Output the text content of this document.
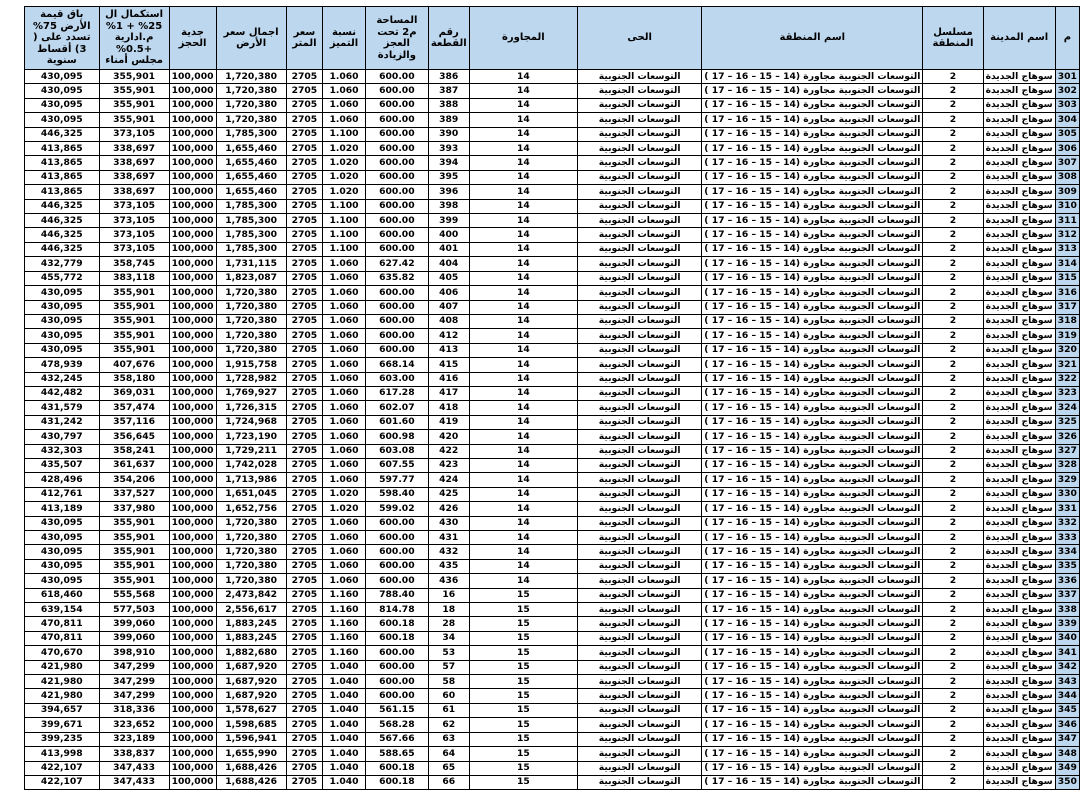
باق قيمة الأرض 75% تسدد على ( 3) أقساط سنوية	استكمال ال 25% + 1% م.ادارية +0.5% مجلس أمناء	جدية الحجز	اجمال سعر الأرض	سعر المتر	نسبة التميز	المساحة م2 تحت العجز والزيادة	رقم القطعة	المجاورة	الحى	اسم المنطقة	مسلسل المنطقة	اسم المدينة	م
430,095	355,901	100,000	1,720,380	2705	1.060	600.00	386	14	التوسعات الجنوبية	التوسعات الجنوبية مجاورة (14 – 15 – 16 – 17 )	2	سوهاج الجديدة	301
430,095	355,901	100,000	1,720,380	2705	1.060	600.00	387	14	التوسعات الجنوبية	التوسعات الجنوبية مجاورة (14 – 15 – 16 – 17 )	2	سوهاج الجديدة	302
430,095	355,901	100,000	1,720,380	2705	1.060	600.00	388	14	التوسعات الجنوبية	التوسعات الجنوبية مجاورة (14 – 15 – 16 – 17 )	2	سوهاج الجديدة	303
430,095	355,901	100,000	1,720,380	2705	1.060	600.00	389	14	التوسعات الجنوبية	التوسعات الجنوبية مجاورة (14 – 15 – 16 – 17 )	2	سوهاج الجديدة	304
446,325	373,105	100,000	1,785,300	2705	1.100	600.00	390	14	التوسعات الجنوبية	التوسعات الجنوبية مجاورة (14 – 15 – 16 – 17 )	2	سوهاج الجديدة	305
413,865	338,697	100,000	1,655,460	2705	1.020	600.00	393	14	التوسعات الجنوبية	التوسعات الجنوبية مجاورة (14 – 15 – 16 – 17 )	2	سوهاج الجديدة	306
413,865	338,697	100,000	1,655,460	2705	1.020	600.00	394	14	التوسعات الجنوبية	التوسعات الجنوبية مجاورة (14 – 15 – 16 – 17 )	2	سوهاج الجديدة	307
413,865	338,697	100,000	1,655,460	2705	1.020	600.00	395	14	التوسعات الجنوبية	التوسعات الجنوبية مجاورة (14 – 15 – 16 – 17 )	2	سوهاج الجديدة	308
413,865	338,697	100,000	1,655,460	2705	1.020	600.00	396	14	التوسعات الجنوبية	التوسعات الجنوبية مجاورة (14 – 15 – 16 – 17 )	2	سوهاج الجديدة	309
446,325	373,105	100,000	1,785,300	2705	1.100	600.00	398	14	التوسعات الجنوبية	التوسعات الجنوبية مجاورة (14 – 15 – 16 – 17 )	2	سوهاج الجديدة	310
446,325	373,105	100,000	1,785,300	2705	1.100	600.00	399	14	التوسعات الجنوبية	التوسعات الجنوبية مجاورة (14 – 15 – 16 – 17 )	2	سوهاج الجديدة	311
446,325	373,105	100,000	1,785,300	2705	1.100	600.00	400	14	التوسعات الجنوبية	التوسعات الجنوبية مجاورة (14 – 15 – 16 – 17 )	2	سوهاج الجديدة	312
446,325	373,105	100,000	1,785,300	2705	1.100	600.00	401	14	التوسعات الجنوبية	التوسعات الجنوبية مجاورة (14 – 15 – 16 – 17 )	2	سوهاج الجديدة	313
432,779	358,745	100,000	1,731,115	2705	1.060	627.42	404	14	التوسعات الجنوبية	التوسعات الجنوبية مجاورة (14 – 15 – 16 – 17 )	2	سوهاج الجديدة	314
455,772	383,118	100,000	1,823,087	2705	1.060	635.82	405	14	التوسعات الجنوبية	التوسعات الجنوبية مجاورة (14 – 15 – 16 – 17 )	2	سوهاج الجديدة	315
430,095	355,901	100,000	1,720,380	2705	1.060	600.00	406	14	التوسعات الجنوبية	التوسعات الجنوبية مجاورة (14 – 15 – 16 – 17 )	2	سوهاج الجديدة	316
430,095	355,901	100,000	1,720,380	2705	1.060	600.00	407	14	التوسعات الجنوبية	التوسعات الجنوبية مجاورة (14 – 15 – 16 – 17 )	2	سوهاج الجديدة	317
430,095	355,901	100,000	1,720,380	2705	1.060	600.00	408	14	التوسعات الجنوبية	التوسعات الجنوبية مجاورة (14 – 15 – 16 – 17 )	2	سوهاج الجديدة	318
430,095	355,901	100,000	1,720,380	2705	1.060	600.00	412	14	التوسعات الجنوبية	التوسعات الجنوبية مجاورة (14 – 15 – 16 – 17 )	2	سوهاج الجديدة	319
430,095	355,901	100,000	1,720,380	2705	1.060	600.00	413	14	التوسعات الجنوبية	التوسعات الجنوبية مجاورة (14 – 15 – 16 – 17 )	2	سوهاج الجديدة	320
478,939	407,676	100,000	1,915,758	2705	1.060	668.14	415	14	التوسعات الجنوبية	التوسعات الجنوبية مجاورة (14 – 15 – 16 – 17 )	2	سوهاج الجديدة	321
432,245	358,180	100,000	1,728,982	2705	1.060	603.00	416	14	التوسعات الجنوبية	التوسعات الجنوبية مجاورة (14 – 15 – 16 – 17 )	2	سوهاج الجديدة	322
442,482	369,031	100,000	1,769,927	2705	1.060	617.28	417	14	التوسعات الجنوبية	التوسعات الجنوبية مجاورة (14 – 15 – 16 – 17 )	2	سوهاج الجديدة	323
431,579	357,474	100,000	1,726,315	2705	1.060	602.07	418	14	التوسعات الجنوبية	التوسعات الجنوبية مجاورة (14 – 15 – 16 – 17 )	2	سوهاج الجديدة	324
431,242	357,116	100,000	1,724,968	2705	1.060	601.60	419	14	التوسعات الجنوبية	التوسعات الجنوبية مجاورة (14 – 15 – 16 – 17 )	2	سوهاج الجديدة	325
430,797	356,645	100,000	1,723,190	2705	1.060	600.98	420	14	التوسعات الجنوبية	التوسعات الجنوبية مجاورة (14 – 15 – 16 – 17 )	2	سوهاج الجديدة	326
432,303	358,241	100,000	1,729,211	2705	1.060	603.08	422	14	التوسعات الجنوبية	التوسعات الجنوبية مجاورة (14 – 15 – 16 – 17 )	2	سوهاج الجديدة	327
435,507	361,637	100,000	1,742,028	2705	1.060	607.55	423	14	التوسعات الجنوبية	التوسعات الجنوبية مجاورة (14 – 15 – 16 – 17 )	2	سوهاج الجديدة	328
428,496	354,206	100,000	1,713,986	2705	1.060	597.77	424	14	التوسعات الجنوبية	التوسعات الجنوبية مجاورة (14 – 15 – 16 – 17 )	2	سوهاج الجديدة	329
412,761	337,527	100,000	1,651,045	2705	1.020	598.40	425	14	التوسعات الجنوبية	التوسعات الجنوبية مجاورة (14 – 15 – 16 – 17 )	2	سوهاج الجديدة	330
413,189	337,980	100,000	1,652,756	2705	1.020	599.02	426	14	التوسعات الجنوبية	التوسعات الجنوبية مجاورة (14 – 15 – 16 – 17 )	2	سوهاج الجديدة	331
430,095	355,901	100,000	1,720,380	2705	1.060	600.00	430	14	التوسعات الجنوبية	التوسعات الجنوبية مجاورة (14 – 15 – 16 – 17 )	2	سوهاج الجديدة	332
430,095	355,901	100,000	1,720,380	2705	1.060	600.00	431	14	التوسعات الجنوبية	التوسعات الجنوبية مجاورة (14 – 15 – 16 – 17 )	2	سوهاج الجديدة	333
430,095	355,901	100,000	1,720,380	2705	1.060	600.00	432	14	التوسعات الجنوبية	التوسعات الجنوبية مجاورة (14 – 15 – 16 – 17 )	2	سوهاج الجديدة	334
430,095	355,901	100,000	1,720,380	2705	1.060	600.00	435	14	التوسعات الجنوبية	التوسعات الجنوبية مجاورة (14 – 15 – 16 – 17 )	2	سوهاج الجديدة	335
430,095	355,901	100,000	1,720,380	2705	1.060	600.00	436	14	التوسعات الجنوبية	التوسعات الجنوبية مجاورة (14 – 15 – 16 – 17 )	2	سوهاج الجديدة	336
618,460	555,568	100,000	2,473,842	2705	1.160	788.40	16	15	التوسعات الجنوبية	التوسعات الجنوبية مجاورة (14 – 15 – 16 – 17 )	2	سوهاج الجديدة	337
639,154	577,503	100,000	2,556,617	2705	1.160	814.78	18	15	التوسعات الجنوبية	التوسعات الجنوبية مجاورة (14 – 15 – 16 – 17 )	2	سوهاج الجديدة	338
470,811	399,060	100,000	1,883,245	2705	1.160	600.18	28	15	التوسعات الجنوبية	التوسعات الجنوبية مجاورة (14 – 15 – 16 – 17 )	2	سوهاج الجديدة	339
470,811	399,060	100,000	1,883,245	2705	1.160	600.18	34	15	التوسعات الجنوبية	التوسعات الجنوبية مجاورة (14 – 15 – 16 – 17 )	2	سوهاج الجديدة	340
470,670	398,910	100,000	1,882,680	2705	1.160	600.00	53	15	التوسعات الجنوبية	التوسعات الجنوبية مجاورة (14 – 15 – 16 – 17 )	2	سوهاج الجديدة	341
421,980	347,299	100,000	1,687,920	2705	1.040	600.00	57	15	التوسعات الجنوبية	التوسعات الجنوبية مجاورة (14 – 15 – 16 – 17 )	2	سوهاج الجديدة	342
421,980	347,299	100,000	1,687,920	2705	1.040	600.00	58	15	التوسعات الجنوبية	التوسعات الجنوبية مجاورة (14 – 15 – 16 – 17 )	2	سوهاج الجديدة	343
421,980	347,299	100,000	1,687,920	2705	1.040	600.00	60	15	التوسعات الجنوبية	التوسعات الجنوبية مجاورة (14 – 15 – 16 – 17 )	2	سوهاج الجديدة	344
394,657	318,336	100,000	1,578,627	2705	1.040	561.15	61	15	التوسعات الجنوبية	التوسعات الجنوبية مجاورة (14 – 15 – 16 – 17 )	2	سوهاج الجديدة	345
399,671	323,652	100,000	1,598,685	2705	1.040	568.28	62	15	التوسعات الجنوبية	التوسعات الجنوبية مجاورة (14 – 15 – 16 – 17 )	2	سوهاج الجديدة	346
399,235	323,189	100,000	1,596,941	2705	1.040	567.66	63	15	التوسعات الجنوبية	التوسعات الجنوبية مجاورة (14 – 15 – 16 – 17 )	2	سوهاج الجديدة	347
413,998	338,837	100,000	1,655,990	2705	1.040	588.65	64	15	التوسعات الجنوبية	التوسعات الجنوبية مجاورة (14 – 15 – 16 – 17 )	2	سوهاج الجديدة	348
422,107	347,433	100,000	1,688,426	2705	1.040	600.18	65	15	التوسعات الجنوبية	التوسعات الجنوبية مجاورة (14 – 15 – 16 – 17 )	2	سوهاج الجديدة	349
422,107	347,433	100,000	1,688,426	2705	1.040	600.18	66	15	التوسعات الجنوبية	التوسعات الجنوبية مجاورة (14 – 15 – 16 – 17 )	2	سوهاج الجديدة	350
